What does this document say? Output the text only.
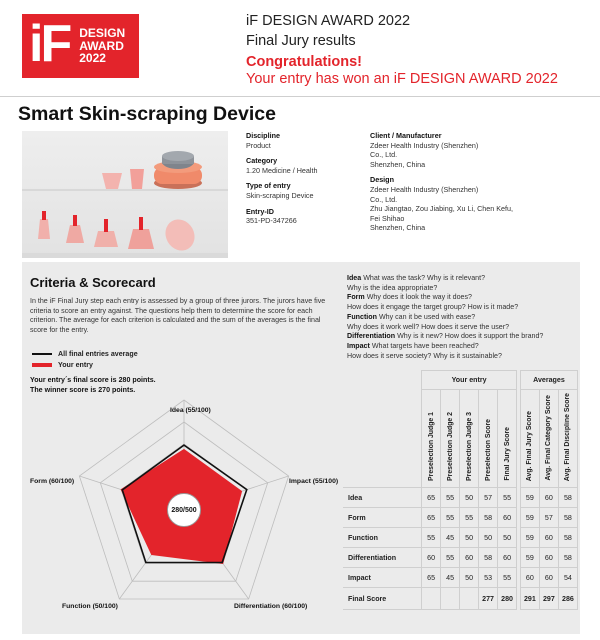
iF DESIGN
AWARD
2022
iF DESIGN AWARD 2022
Final Jury results
Congratulations!
Your entry has won an iF DESIGN AWARD 2022
Smart Skin-scraping Device
Discipline
Product
Category
1.20 Medicine / Health
Type of entry
Skin-scraping Device
Entry-ID
351-PD-347266
Client / Manufacturer
Zdeer Health Industry (Shenzhen)
Co., Ltd.
Shenzhen, China
Design
Zdeer Health Industry (Shenzhen)
Co., Ltd.
Zhu Jiangtao, Zou Jiabing, Xu Li, Chen Kefu,
Fei Shihao
Shenzhen, China
Criteria & Scorecard
In the iF Final Jury step each entry is assessed by a group of three jurors. The jurors have five criteria to score an entry against. The questions help them to determine the score for each criterion. The average for each criterion is calculated and the sum of the averages is the final score for the entry.
All final entries average
Your entry
Your entry´s final score is 280 points.
The winner score is 270 points.
Idea (55/100)
Impact (55/100)
Differentiation (60/100)
Function (50/100)
Form (60/100)
280/500
Idea What was the task? Why is it relevant?
Why is the idea appropriate?
Form Why does it look the way it does?
How does it engage the target group? How is it made?
Function Why can it be used with ease?
Why does it work well? How does it serve the user?
Differentiation Why is it new? How does it support the brand?
Impact What targets have been reached?
How does it serve society? Why is it sustainable?
	Your entry						Averages		
	Preselection Judge 1	Preselection Judge 2	Preselection Judge 3	Preselection Score	Final Jury Score		Avg. Final Jury Score	Avg. Final Category Score	Avg. Final Discipline Score
Idea	65	55	50	57	55		59	60	58
Form	65	55	55	58	60		59	57	58
Function	55	45	50	50	50		59	60	58
Differentiation	60	55	60	58	60		59	60	58
Impact	65	45	50	53	55		60	60	54
Final Score				277	280		291	297	286
